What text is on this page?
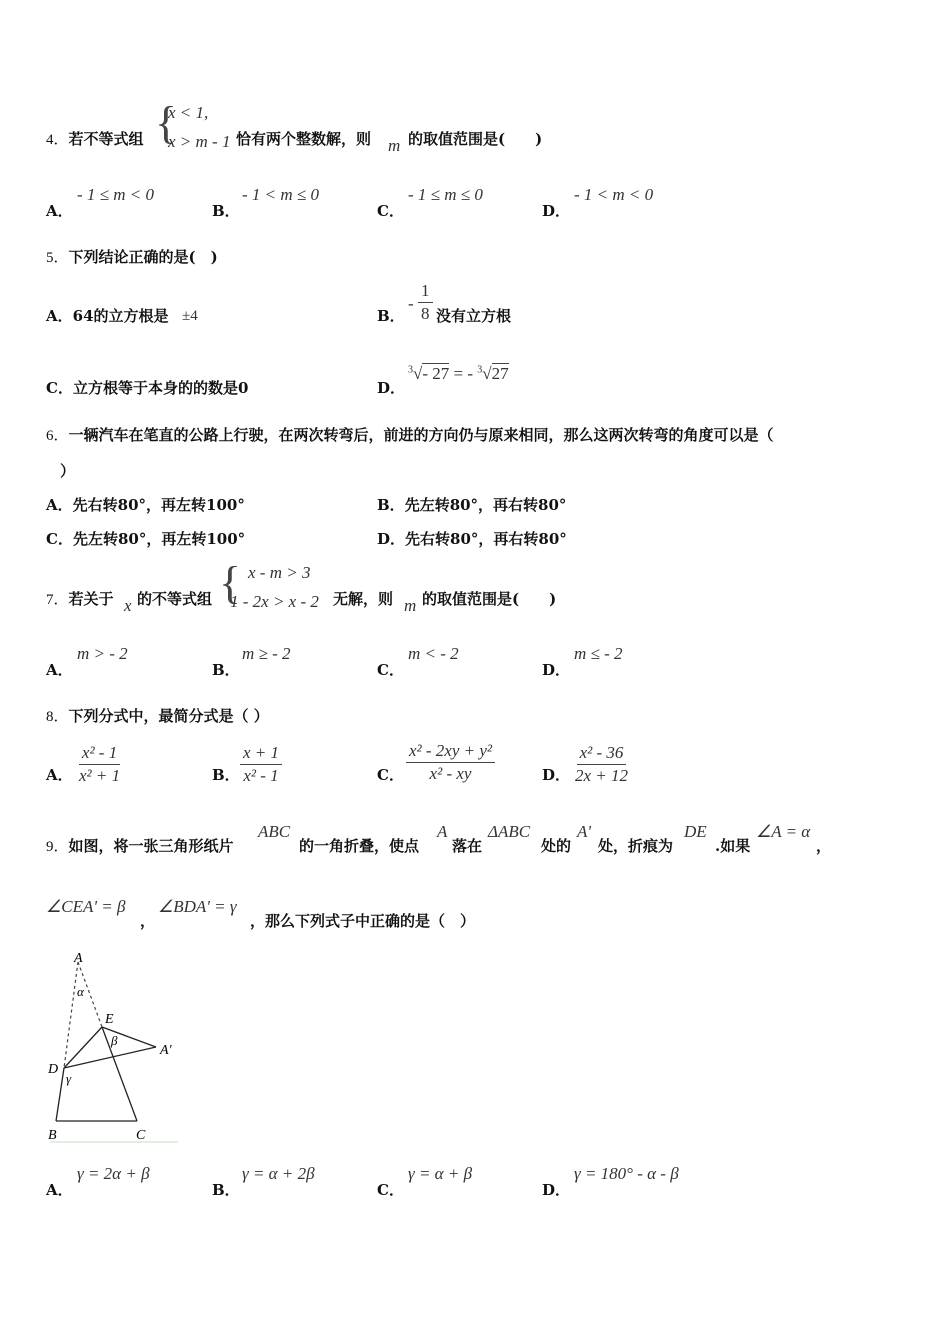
4．若不等式组 {
x < 1,
x > m - 1 恰有两个整数解，则 m 的取值范围是(　　)
A．
- 1 ≤ m < 0
B．
- 1 < m ≤ 0
C．
- 1 ≤ m ≤ 0
D．
- 1 < m < 0
5．下列结论正确的是(　)
A．64的立方根是 ±4	B．
- $\frac{1}{8}$ 没有立方根
C．立方根等于本身的的数是0	D．
$^3$√- 27 = - $^3$√27
6．一辆汽车在笔直的公路上行驶，在两次转弯后，前进的方向仍与原来相同，那么这两次转弯的角度可以是（
）
A．先右转80°，再左转100°	B．先左转80°，再右转80°
C．先左转80°，再左转100°	D．先右转80°，再右转80°
7．若关于 x 的不等式组 { x - m > 3
1 - 2x > x - 2 无解，则 m 的取值范围是(　　)
A．
m > - 2
B．
m ≥ - 2
C．
m < - 2
D．
m ≤ - 2
8．下列分式中，最简分式是（ ）
A． $\frac{\text{x² - 1}}{\text{x² + 1}}$	B． $\frac{x + 1}{\text{x² - 1}}$	C． $\frac{\text{x² - 2xy + y²}}{\text{x² - xy}}$	D． $\frac{\text{x² - 36}}{2x + 12}$
9．如图，将一张三角形纸片
ABC
的一角折叠，使点
A
落在
ΔABC
处的
A'
处，折痕为
DE
.如果
∠A = α
，
∠CEA' = β
，
∠BDA' = γ
，那么下列式子中正确的是（　）
A
α
E
β
A′
D
γ
B	C
A．
γ = 2α + β
B．
γ = α + 2β
C．
γ = α + β
D．
γ = 180° - α - β
